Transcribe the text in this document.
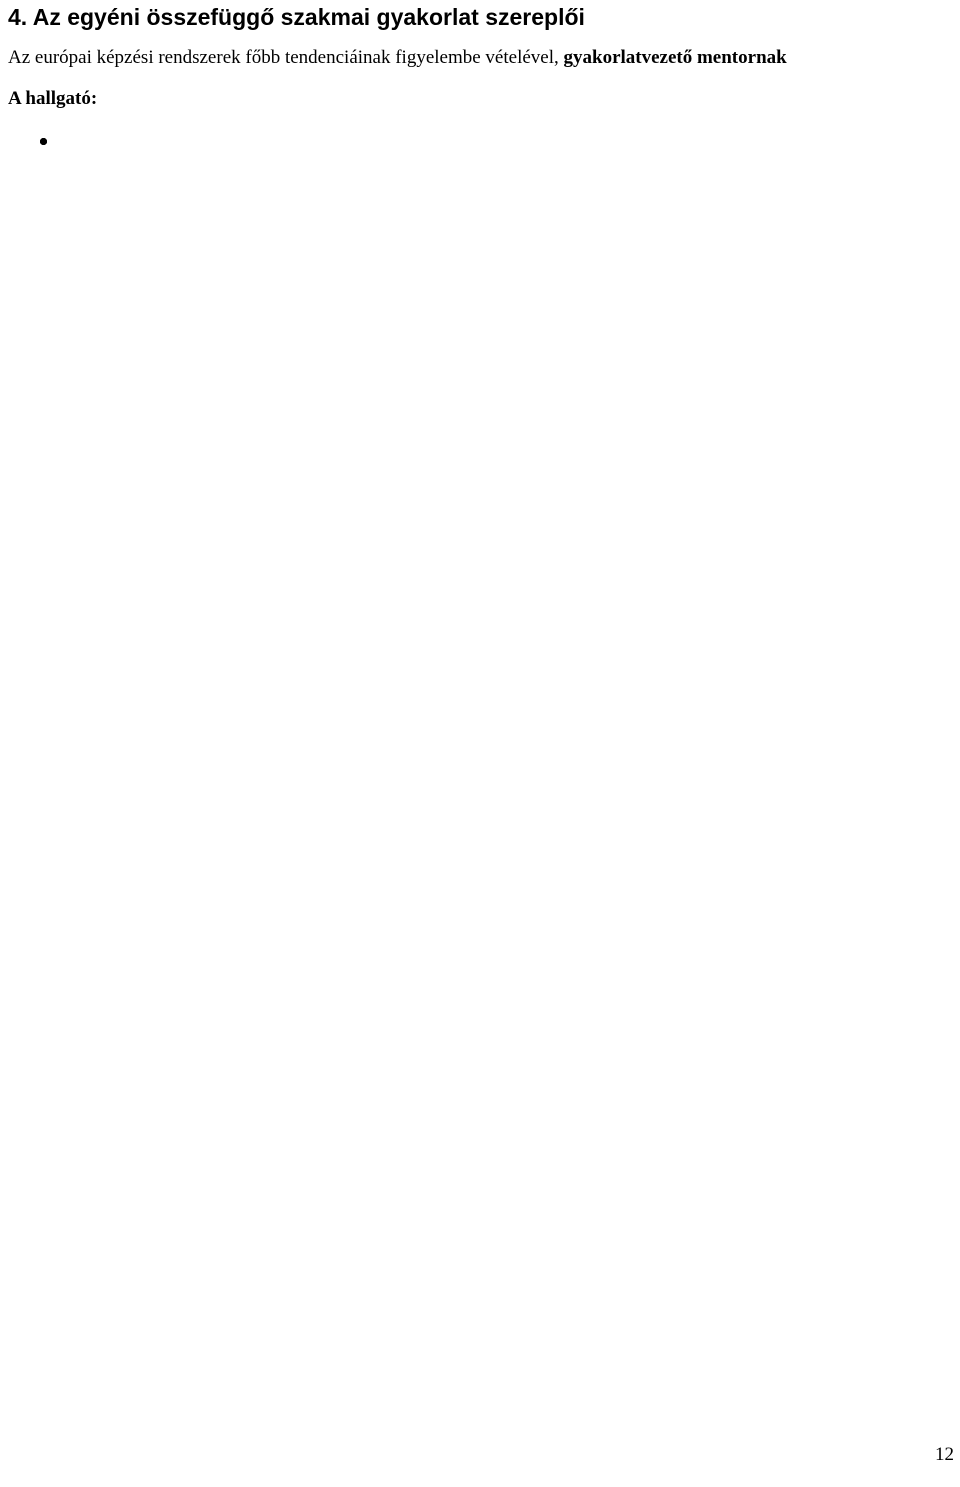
4. Az egyéni összefüggő szakmai gyakorlat szereplői

Az európai képzési rendszerek főbb tendenciáinak figyelembe vételével, gyakorlatvezető mentornak

A hallgató:

12
